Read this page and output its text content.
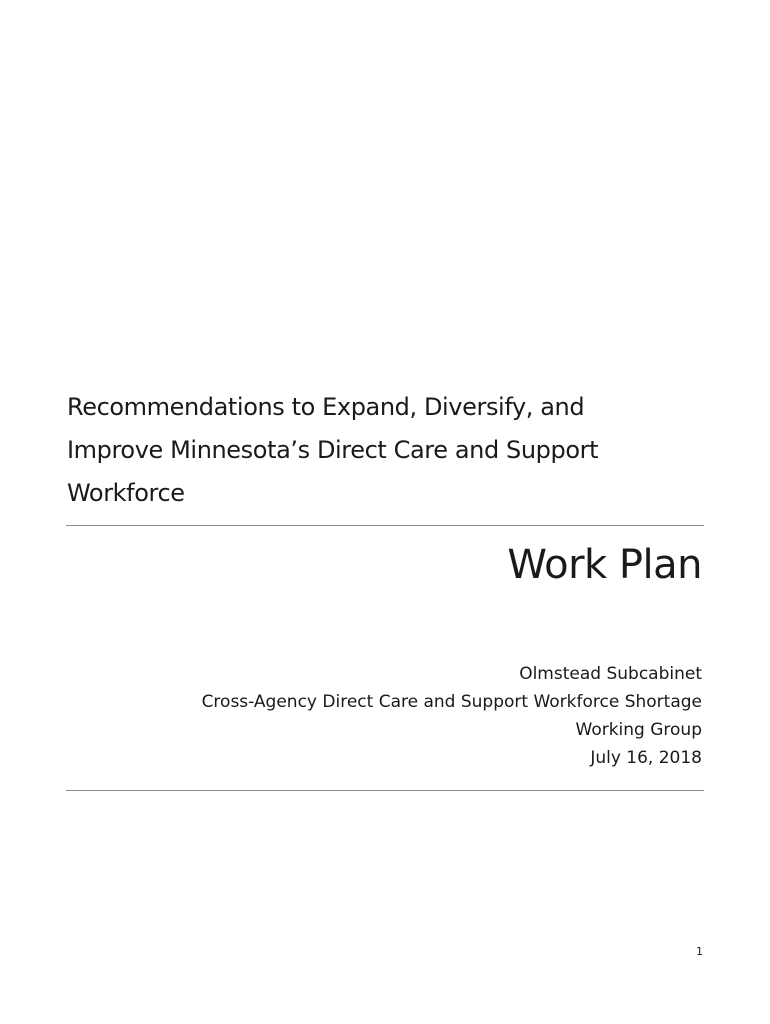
Recommendations to Expand, Diversify, and
Improve Minnesota’s Direct Care and Support
Workforce
Work Plan
Olmstead Subcabinet
Cross-Agency Direct Care and Support Workforce Shortage
Working Group
July 16, 2018
1
